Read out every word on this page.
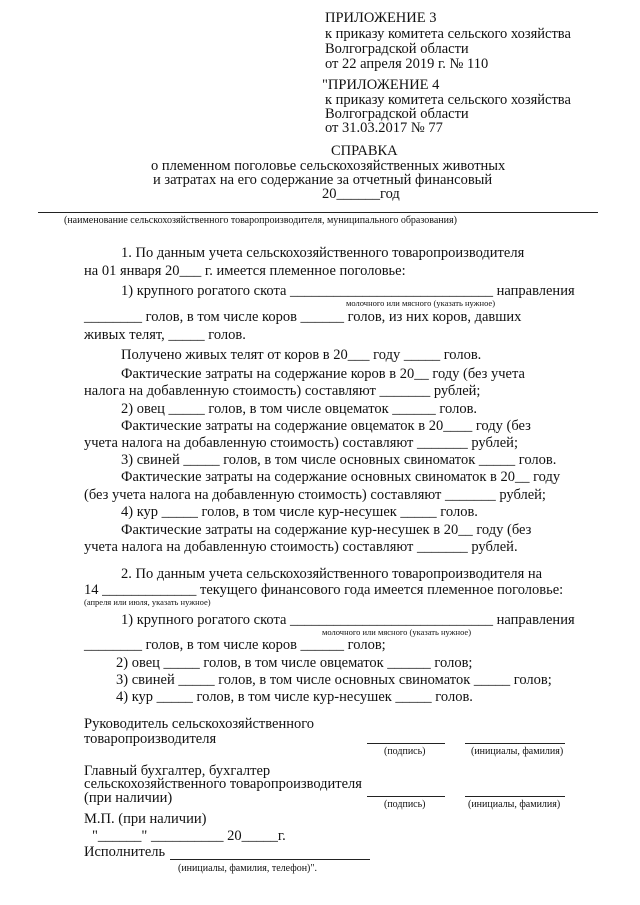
ПРИЛОЖЕНИЕ 3
к приказу комитета сельского хозяйства
Волгоградской области
от 22 апреля 2019 г. № 110
"ПРИЛОЖЕНИЕ 4
к приказу комитета сельского хозяйства
Волгоградской области
от 31.03.2017 № 77
СПРАВКА
о племенном поголовье сельскохозяйственных животных
и затратах на его содержание за отчетный финансовый
20______год
(наименование сельскохозяйственного товаропроизводителя, муниципального образования)
1. По данным учета сельскохозяйственного товаропроизводителя
на 01 января 20___ г. имеется племенное поголовье:
1) крупного рогатого скота ____________________________ направления
молочного или мясного (указать нужное)
________ голов, в том числе коров ______ голов, из них коров, давших
живых телят, _____ голов.
Получено живых телят от коров в 20___ году _____ голов.
Фактические затраты на содержание коров в 20__ году (без учета
налога на добавленную стоимость) составляют _______ рублей;
2) овец _____ голов, в том числе овцематок ______ голов.
Фактические затраты на содержание овцематок в 20____ году (без
учета налога на добавленную стоимость) составляют _______ рублей;
3) свиней _____ голов, в том числе основных свиноматок _____ голов.
Фактические затраты на содержание основных свиноматок в 20__ году
(без учета налога на добавленную стоимость) составляют _______ рублей;
4) кур _____ голов, в том числе кур-несушек _____ голов.
Фактические затраты на содержание кур-несушек в 20__ году (без
учета налога на добавленную стоимость) составляют _______ рублей.
2. По данным учета сельскохозяйственного товаропроизводителя на
14 _____________ текущего финансового года имеется племенное поголовье:
(апреля или июля, указать нужное)
1) крупного рогатого скота ____________________________ направления
молочного или мясного (указать нужное)
________ голов, в том числе коров ______ голов;
2) овец _____ голов, в том числе овцематок ______ голов;
3) свиней _____ голов, в том числе основных свиноматок _____ голов;
4) кур _____ голов, в том числе кур-несушек _____ голов.
Руководитель сельскохозяйственного
товаропроизводителя
(подпись)	(инициалы, фамилия)
Главный бухгалтер, бухгалтер
сельскохозяйственного товаропроизводителя
(при наличии)	(подпись)	(инициалы, фамилия)
М.П. (при наличии)
"______" __________ 20_____г.
Исполнитель
(инициалы, фамилия, телефон)".
